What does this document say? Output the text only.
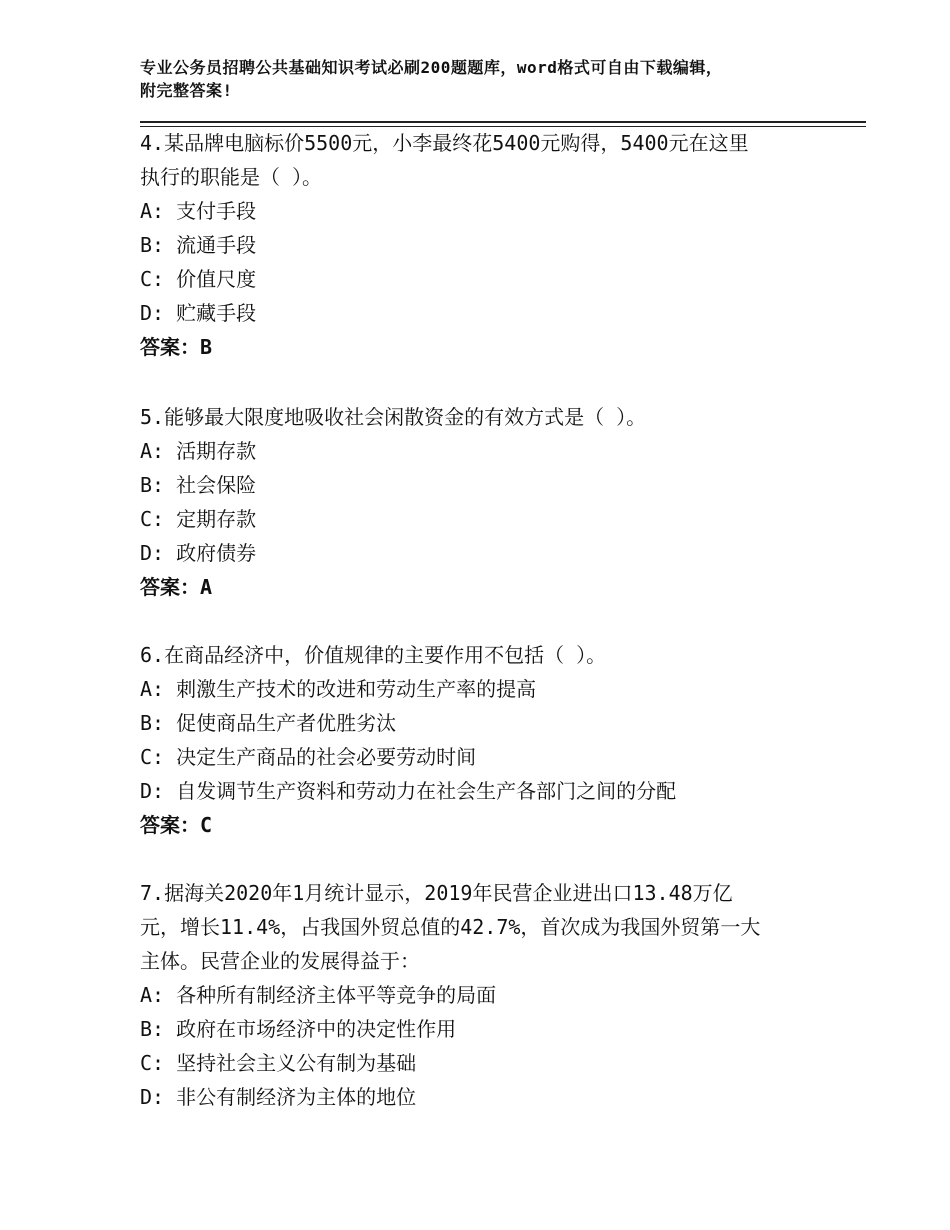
专业公务员招聘公共基础知识考试必刷200题题库，word格式可自由下载编辑，
附完整答案!

4.某品牌电脑标价5500元，小李最终花5400元购得，5400元在这里

执行的职能是（ ）。

A: 支付手段

B: 流通手段

C: 价值尺度

D: 贮藏手段

答案：B

5.能够最大限度地吸收社会闲散资金的有效方式是（ ）。

A: 活期存款

B: 社会保险

C: 定期存款

D: 政府债券

答案：A

6.在商品经济中，价值规律的主要作用不包括（ ）。

A: 刺激生产技术的改进和劳动生产率的提高

B: 促使商品生产者优胜劣汰

C: 决定生产商品的社会必要劳动时间

D: 自发调节生产资料和劳动力在社会生产各部门之间的分配

答案：C

7.据海关2020年1月统计显示，2019年民营企业进出口13.48万亿

元，增长11.4%，占我国外贸总值的42.7%，首次成为我国外贸第一大

主体。民营企业的发展得益于：

A: 各种所有制经济主体平等竞争的局面

B: 政府在市场经济中的决定性作用

C: 坚持社会主义公有制为基础

D: 非公有制经济为主体的地位
